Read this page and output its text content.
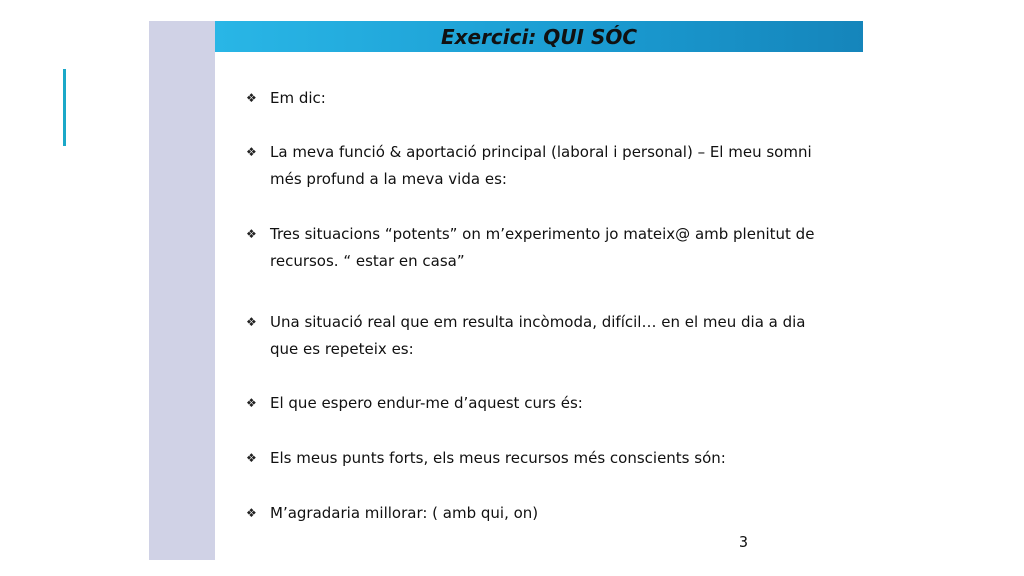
Exercici: QUI SÓC
❖ Em dic:
❖ La meva funció & aportació principal (laboral i personal) – El meu somni més profund a la meva vida es:
❖ Tres situacions “potents” on m’experimento jo mateix@ amb plenitut de recursos. “ estar en casa”
❖ Una situació real que em resulta incòmoda, difícil… en el meu dia a dia que es repeteix es:
❖ El que espero endur-me d’aquest curs és:
❖ Els meus punts forts, els meus recursos més conscients són:
❖ M’agradaria millorar: ( amb qui, on)
3
